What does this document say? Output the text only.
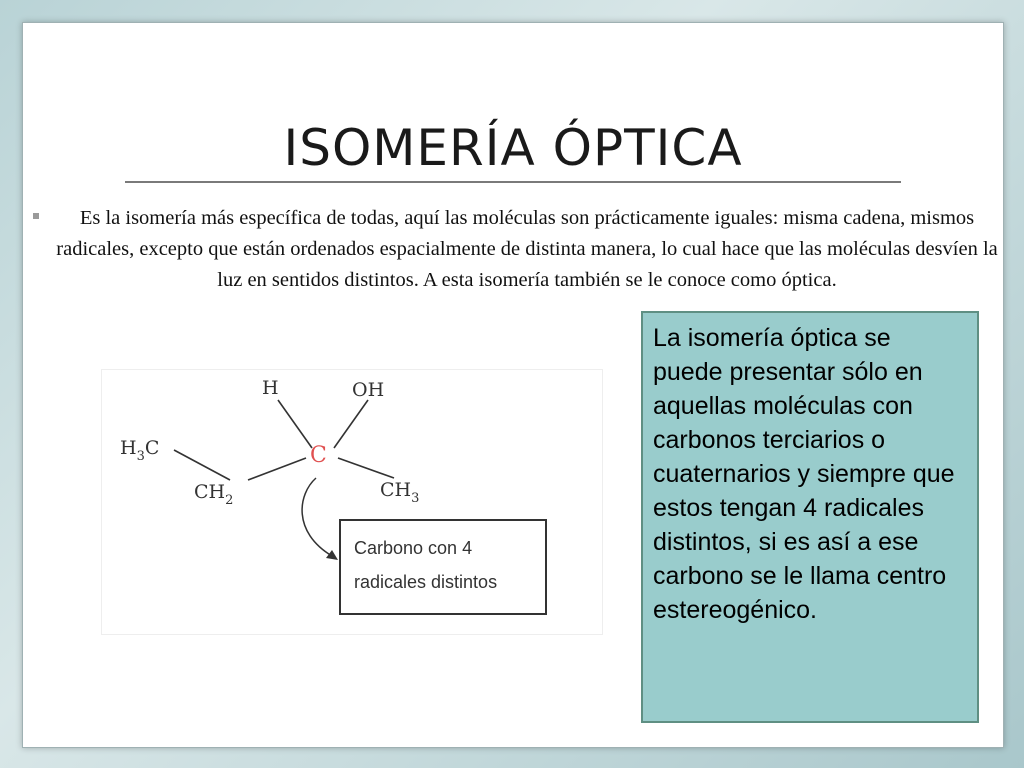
ISOMERÍA ÓPTICA
Es la isomería más específica de todas, aquí las moléculas son prácticamente iguales: misma cadena, mismos radicales, excepto que están ordenados espacialmente de distinta manera, lo cual hace que las moléculas desvíen la luz en sentidos distintos. A esta isomería también se le conoce como óptica.
H	OH
C
$H_3C$
$CH_2$	$CH_3$
Carbono con 4
radicales distintos
La isomería óptica se puede presentar sólo en aquellas moléculas con carbonos terciarios o cuaternarios y siempre que estos tengan 4 radicales distintos, si es así a ese carbono se le llama centro estereogénico.
